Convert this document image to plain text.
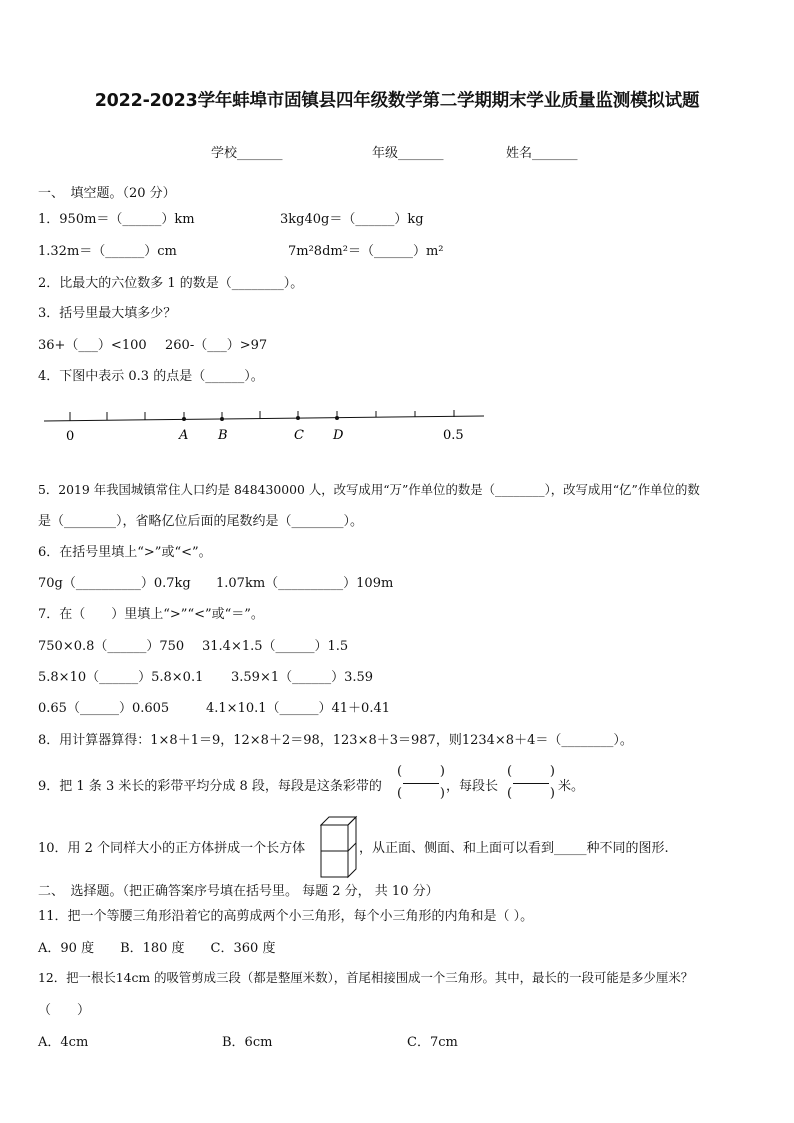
2022-2023学年蚌埠市固镇县四年级数学第二学期期末学业质量监测模拟试题
学校_______	年级_______	姓名_______
一、　填空题。（20 分）
1．950m＝（______）km	3kg40g＝（______）kg
1.32m＝（______）cm	7m²8dm²＝（______）m²
2．比最大的六位数多 1 的数是（________）。
3．括号里最大填多少？
36+（___）<100 260-（___）>97
4．下图中表示 0.3 的点是（______）。
0	A B	C D	0.5
5．2019 年我国城镇常住人口约是 848430000 人，改写成用“万”作单位的数是（________），改写成用“亿”作单位的数
是（________），省略亿位后面的尾数约是（________）。
6．在括号里填上“>”或“<”。
70g（__________）0.7kg 1.07km（__________）109m
7．在（　　）里填上“>”“<”或“＝”。
750×0.8（______）750 31.4×1.5（______）1.5
5.8×10（______）5.8×0.1 3.59×1（______）3.59
0.65（______）0.605	4.1×10.1（______）41＋0.41
8．用计算器算得：1×8＋1＝9，12×8＋2＝98，123×8＋3＝987，则1234×8＋4＝（________）。
9．把 1 条 3 米长的彩带平均分成 8 段，每段是这条彩带的
(	)
(	) ，每段长
(	)
(	) 米。
10．用 2 个同样大小的正方体拼成一个长方体	，从正面、侧面、和上面可以看到_____种不同的图形.
二、　选择题。（把正确答案序号填在括号里。 每题 2 分， 共 10 分）
11．把一个等腰三角形沿着它的高剪成两个小三角形，每个小三角形的内角和是（ ）。
A．90 度　　B．180 度　　C．360 度
12．把一根长14cm 的吸管剪成三段（都是整厘米数），首尾相接围成一个三角形。其中，最长的一段可能是多少厘米？
（　　）
A．4cm	B．6cm	C．7cm
